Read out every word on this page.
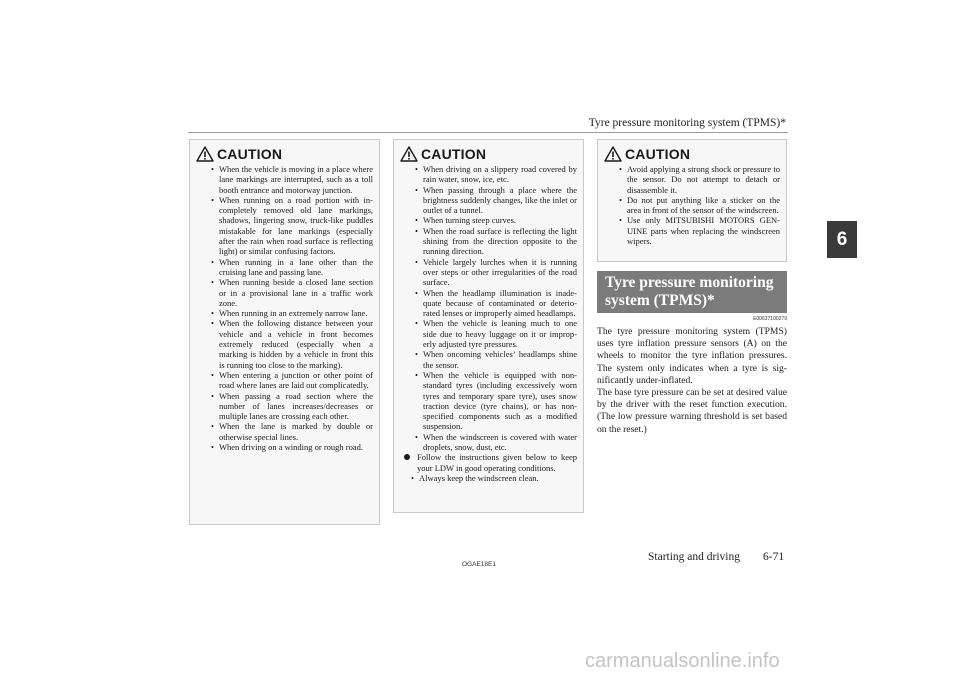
Tyre pressure monitoring system (TPMS)*
6
CAUTION
• When the vehicle is moving in a place where lane markings are interrupted, such as a toll booth entrance and motorway junction.
• When running on a road portion with incompletely removed old lane markings, shadows, lingering snow, truck-like puddles mistakable for lane markings (especially after the rain when road surface is reflecting light) or similar confusing factors.
• When running in a lane other than the cruising lane and passing lane.
• When running beside a closed lane section or in a provisional lane in a traffic work zone.
• When running in an extremely narrow lane.
• When the following distance between your vehicle and a vehicle in front becomes extremely reduced (especially when a marking is hidden by a vehicle in front this is running too close to the marking).
• When entering a junction or other point of road where lanes are laid out complicatedly.
• When passing a road section where the number of lanes increases/decreases or multiple lanes are crossing each other.
• When the lane is marked by double or otherwise special lines.
• When driving on a winding or rough road.
CAUTION
• When driving on a slippery road covered by rain water, snow, ice, etc.
• When passing through a place where the brightness suddenly changes, like the inlet or outlet of a tunnel.
• When turning steep curves.
• When the road surface is reflecting the light shining from the direction opposite to the running direction.
• Vehicle largely lurches when it is running over steps or other irregularities of the road surface.
• When the headlamp illumination is inadequate because of contaminated or deteriorated lenses or improperly aimed headlamps.
• When the vehicle is leaning much to one side due to heavy luggage on it or improperly adjusted tyre pressures.
• When oncoming vehicles’ headlamps shine the sensor.
• When the vehicle is equipped with non-standard tyres (including excessively worn tyres and temporary spare tyre), uses snow traction device (tyre chains), or has non-specified components such as a modified suspension.
• When the windscreen is covered with water droplets, snow, dust, etc.
Follow the instructions given below to keep your LDW in good operating conditions.
• Always keep the windscreen clean.
CAUTION
• Avoid applying a strong shock or pressure to the sensor. Do not attempt to detach or disassemble it.
• Do not put anything like a sticker on the area in front of the sensor of the windscreen.
• Use only MITSUBISHI MOTORS GENUINE parts when replacing the windscreen wipers.
Tyre pressure monitoring system (TPMS)*
E00637100279

The tyre pressure monitoring system (TPMS) uses tyre inflation pressure sensors (A) on the wheels to monitor the tyre inflation pressures. The system only indicates when a tyre is significantly under-inflated.

The base tyre pressure can be set at desired value by the driver with the reset function execution. (The low pressure warning threshold is set based on the reset.)

OGAE18E1
Starting and driving 6-71
carmanualsonline.info
